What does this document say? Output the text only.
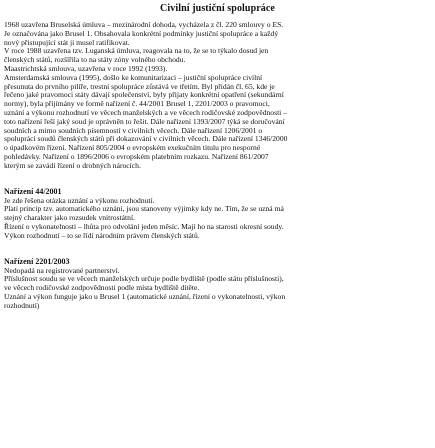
Civilní justiční spolupráce

1968 uzavřena Bruselská úmluva – mezinárodní dohoda, vycházela z čl. 220 smlouvy o ES.

Je označována jako Brusel 1. Obsahovala konkrétní podmínky justiční spolupráce a každý

nový přistupující stát ji musel ratifikovat.

V roce 1988 uzavřena tzv. Luganská úmluva, reagovala na to, že se to týkalo dosud jen

členských států, rozšířila to na státy zóny volného obchodu.

Maastrichtská smlouva, uzavřena v roce 1992 (1993).

Amsterdamská smlouva (1995), došlo ke komunitarizaci – justiční spolupráce civilní

přesunuta do prvního pilíře, trestní spolupráce zůstává ve třetím. Byl přidán čl. 65, kde je

řečeno jaké pravomoci státy dávají společenství, byly přijaty konkrétní opatření (sekundární

normy), byla přijímány ve formě nařízení č. 44/2001 Brusel 1, 2201/2003 o pravomoci,

uznání a výkonu rozhodnutí ve věcech manželských a ve věcech rodičovské zodpovědnosti –

toto nařízení řeší jaký soud je oprávněn to řešit. Dále nařízení 1393/2007 týká se doručování

soudních a mimo soudních písemností v civilních věcech. Dále nařízení 1206/2001 o

spolupráci soudů členských států při dokazování v civilních věcech. Dále nařízení 1346/2000

o úpadkovém řízení. Nařízení 805/2004 o evropském exekučním titulu pro nesporné

pohledávky. Nařízení o 1896/2006 o evropském platebním rozkazu. Nařízení 861/2007

kterým se zavádí řízení o drobných nárocích.

Nařízení 44/2001

Je zde řešena otázka uznání a výkonu rozhodnutí.

Platí princip tzv. automatického uznání, jsou stanoveny výjimky kdy ne. Tím, že se uzná má

stejný charakter jako rozsudek vnitrostátní.

Řízení o vykonatelnosti – lhůta pro odvolání jeden měsíc. Mají ho na starosti okresní soudy.

Výkon rozhodnutí – to se řídí národním právem členských států.

Nařízení 2201/2003

Nedopadá na registrované partnerství.

Příslušnost soudu se ve věcech manželských určuje podle bydliště (podle státu příslušnosti),

ve věcech rodičovské zodpovědnosti podle místa bydliště dítěte.

Uznání a výkon funguje jako u Brusel 1 (automatické uznání, řízení o vykonatelnosti, výkon

rozhodnutí)
